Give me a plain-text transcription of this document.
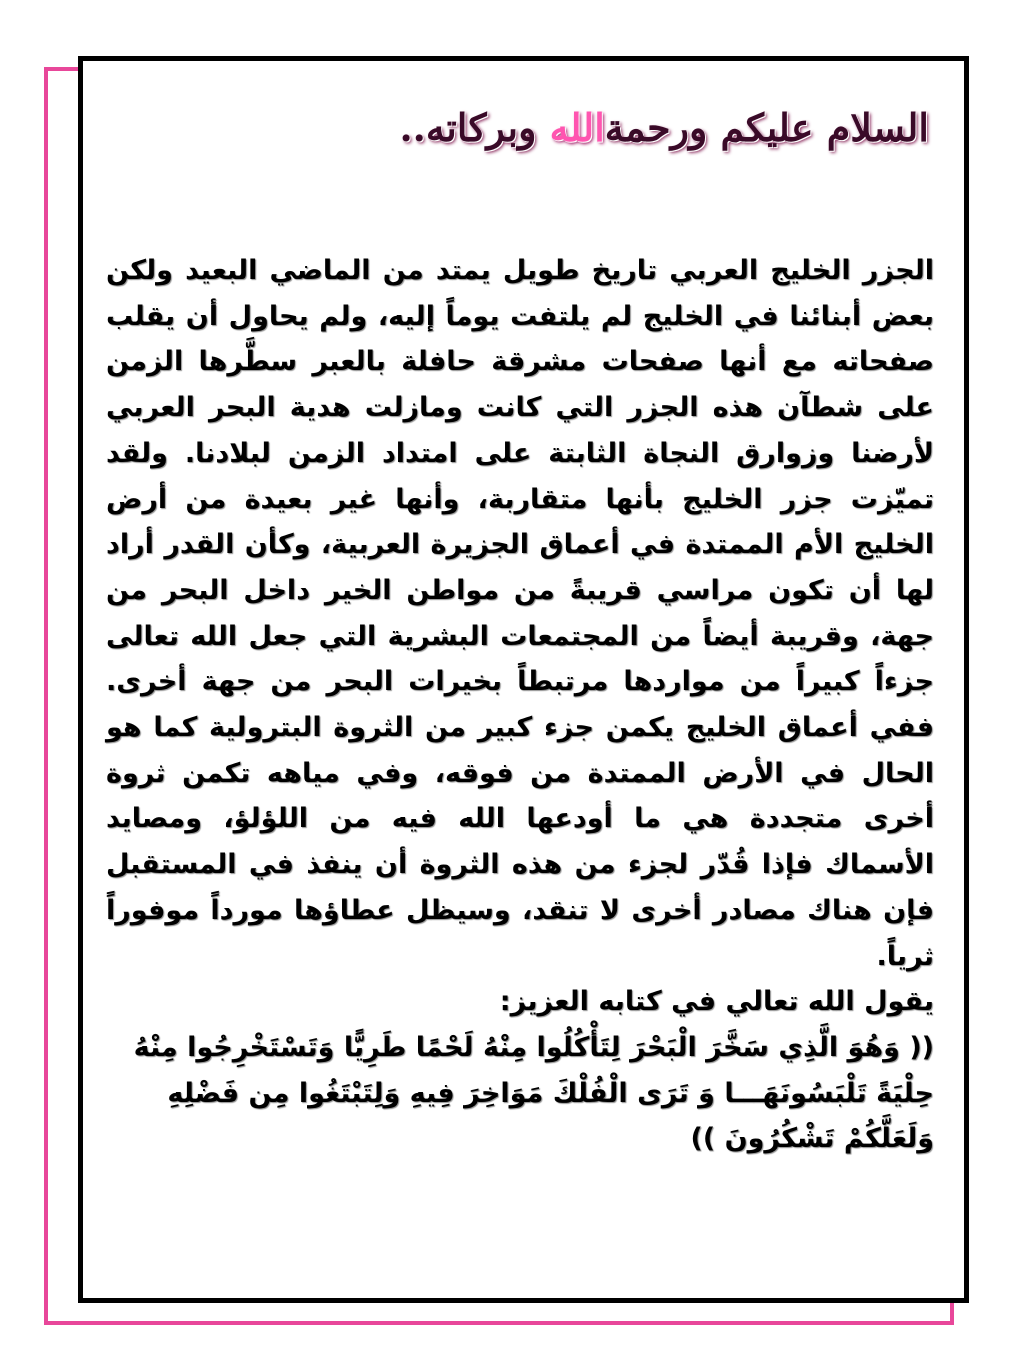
السلام عليكم ورحمةالله وبركاته..

الجزر الخليج العربي تاريخ طويل يمتد من الماضي البعيد ولكن بعض أبنائنا في الخليج لم يلتفت يوماً إليه، ولم يحاول أن يقلب صفحاته مع أنها صفحات مشرقة حافلة بالعبر سطَّرها الزمن على شطآن هذه الجزر التي كانت ومازلت هدية البحر العربي لأرضنا وزوارق النجاة الثابتة على امتداد الزمن لبلادنا. ولقد تميّزت جزر الخليج بأنها متقاربة، وأنها غير بعيدة من أرض الخليج الأم الممتدة في أعماق الجزيرة العربية، وكأن القدر أراد لها أن تكون مراسي قريبةً من مواطن الخير داخل البحر من جهة، وقريبة أيضاً من المجتمعات البشرية التي جعل الله تعالى جزءاً كبيراً من مواردها مرتبطاً بخيرات البحر من جهة أخرى. ففي أعماق الخليج يكمن جزء كبير من الثروة البترولية كما هو الحال في الأرض الممتدة من فوقه، وفي مياهه تكمن ثروة أخرى متجددة هي ما أودعها الله فيه من اللؤلؤ، ومصايد الأسماك فإذا قُدّر لجزء من هذه الثروة أن ينفذ في المستقبل فإن هناك مصادر أخرى لا تنقد، وسيظل عطاؤها مورداً موفوراً ثرياً.

يقول الله تعالي في كتابه العزيز:

(( وَهُوَ الَّذِي سَخَّرَ الْبَحْرَ لِتَأْكُلُوا مِنْهُ لَحْمًا طَرِيًّا وَتَسْتَخْرِجُوا مِنْهُ حِلْيَةً تَلْبَسُونَهَـــا وَ تَرَى الْفُلْكَ مَوَاخِرَ فِيهِ وَلِتَبْتَغُوا مِن فَضْلِهِ وَلَعَلَّكُمْ تَشْكُرُونَ ))
